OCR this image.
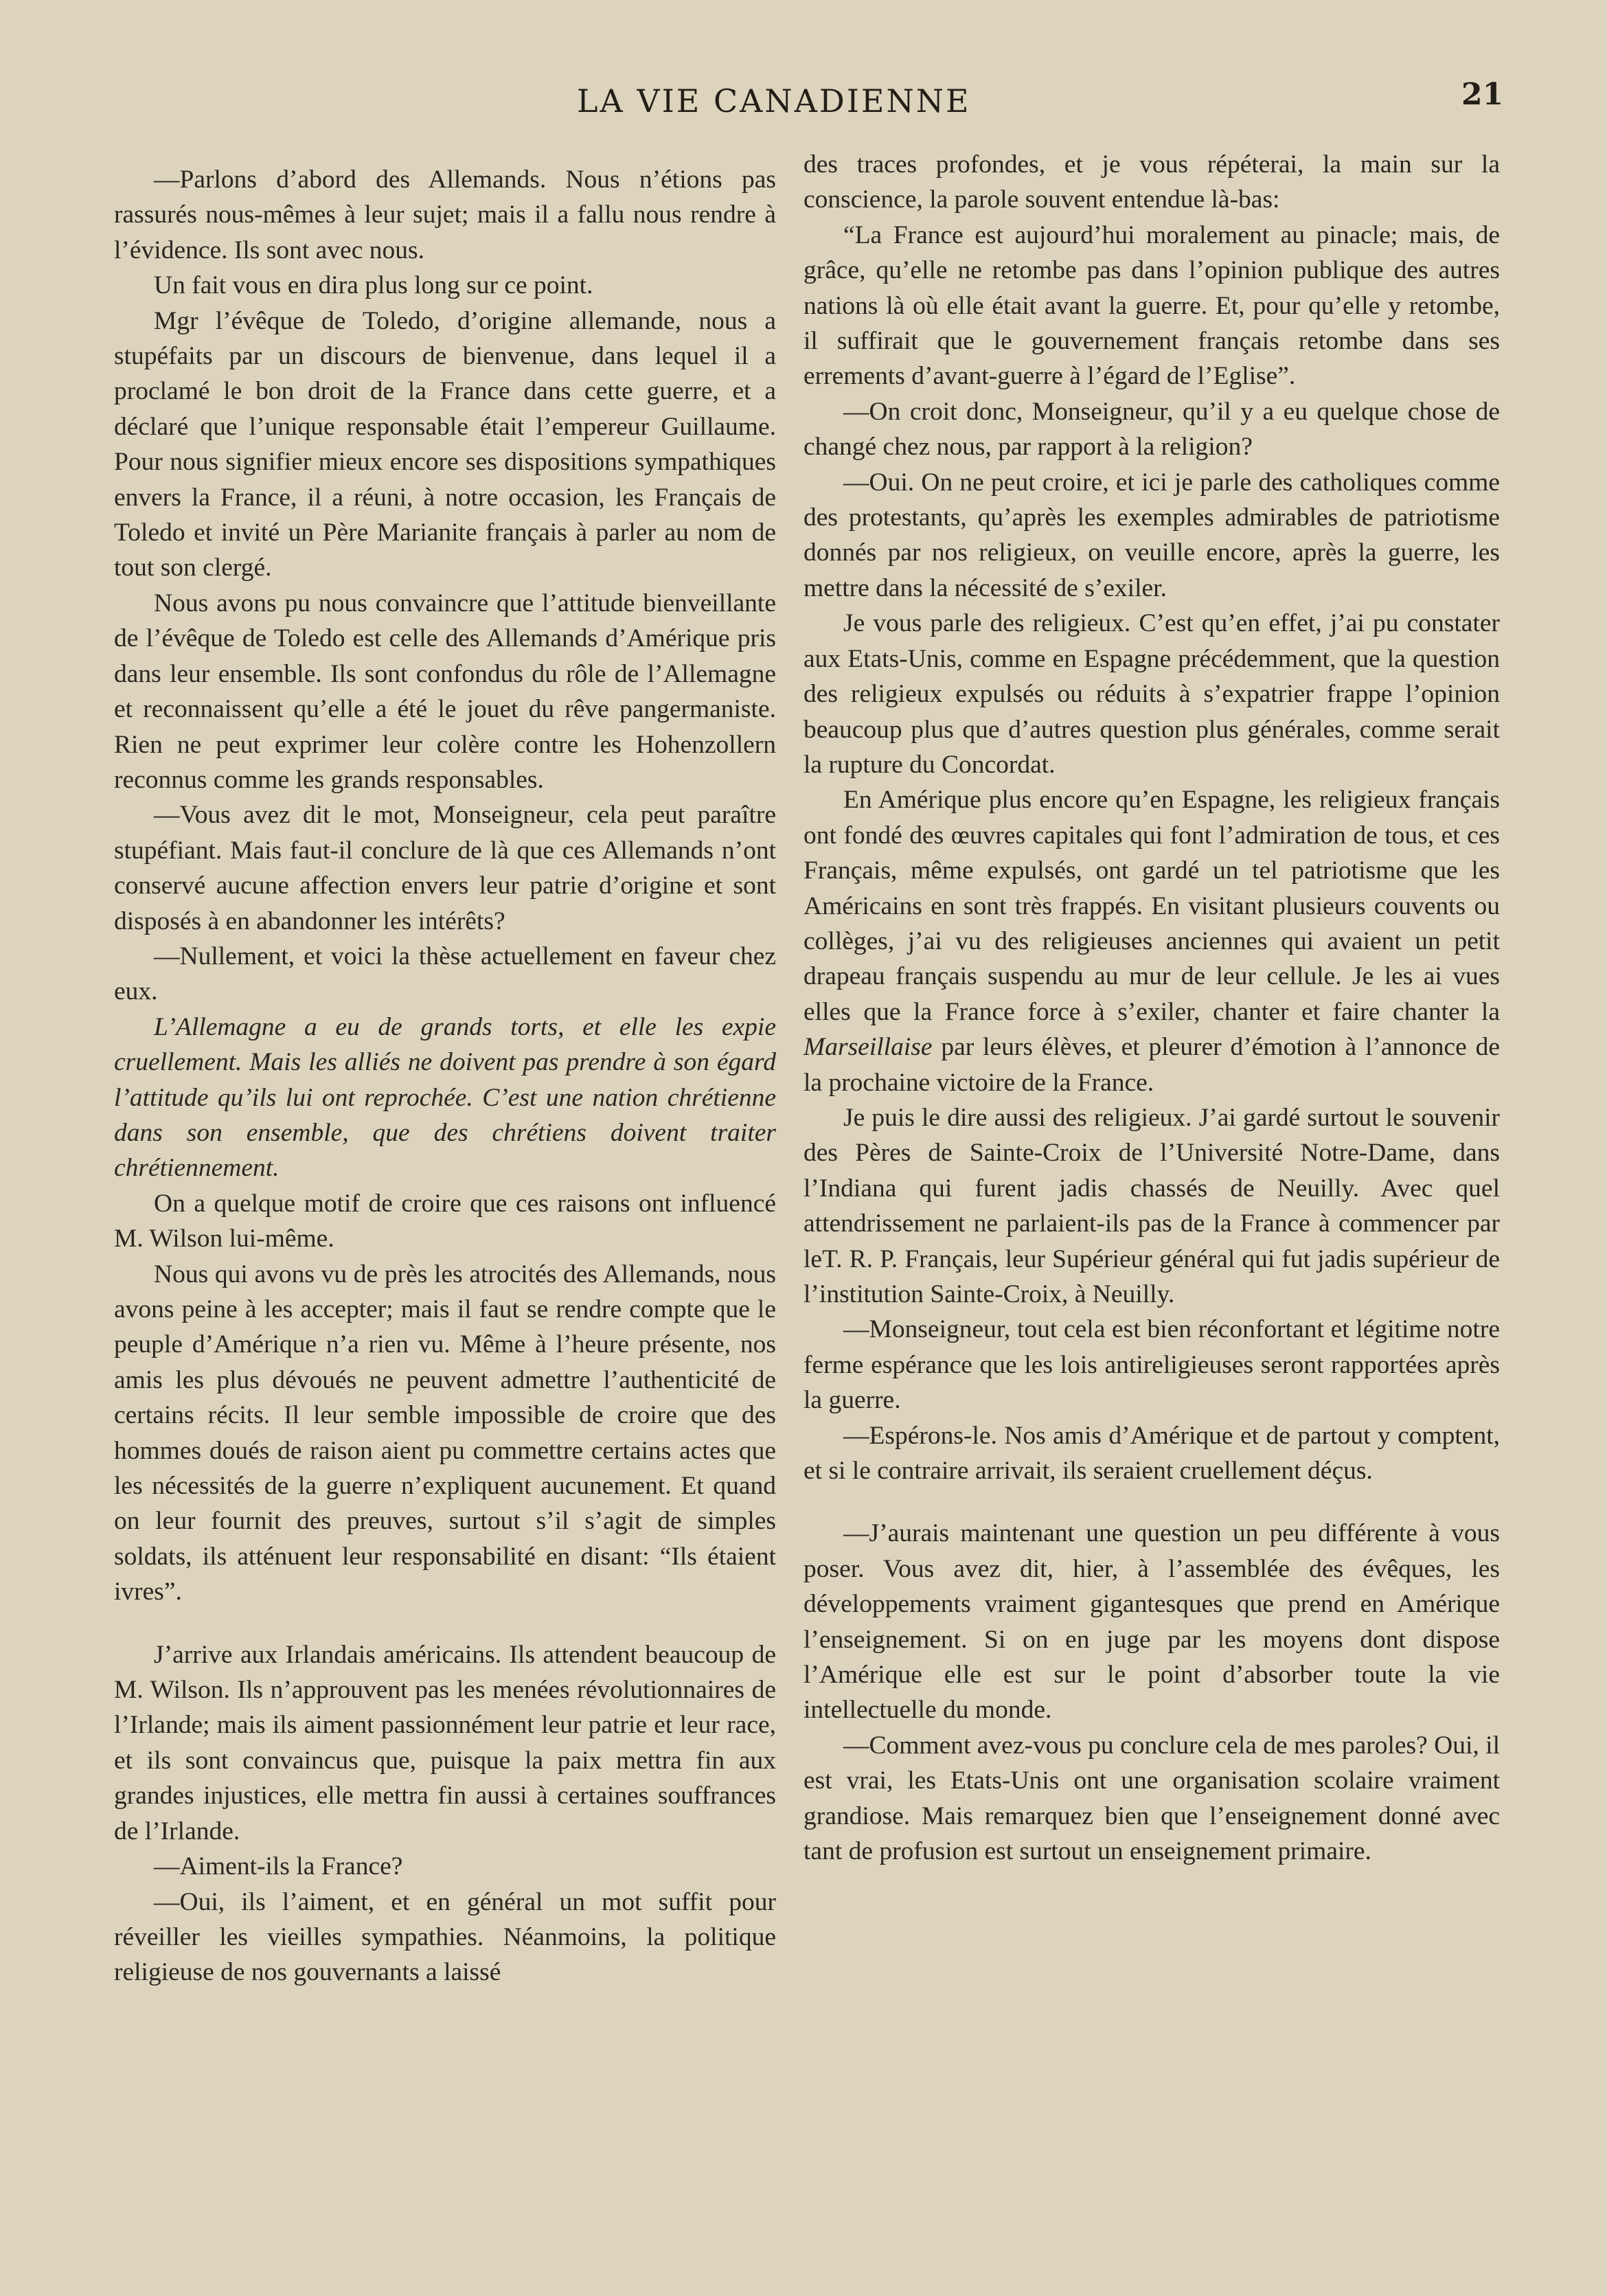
LA VIE CANADIENNE	21

—Parlons d’abord des Allemands. Nous n’étions pas rassurés nous-mêmes à leur sujet; mais il a fallu nous rendre à l’évidence. Ils sont avec nous.

Un fait vous en dira plus long sur ce point.

Mgr l’évêque de Toledo, d’origine allemande, nous a stupéfaits par un discours de bienvenue, dans lequel il a proclamé le bon droit de la France dans cette guerre, et a déclaré que l’unique responsable était l’empereur Guillaume. Pour nous signifier mieux encore ses dispositions sympathiques envers la France, il a réuni, à notre occasion, les Français de Toledo et invité un Père Marianite français à parler au nom de tout son clergé.

Nous avons pu nous convaincre que l’attitude bienveillante de l’évêque de Toledo est celle des Allemands d’Amérique pris dans leur ensemble. Ils sont confondus du rôle de l’Allemagne et reconnaissent qu’elle a été le jouet du rêve pangermaniste. Rien ne peut exprimer leur colère contre les Hohenzollern reconnus comme les grands responsables.

—Vous avez dit le mot, Monseigneur, cela peut paraître stupéfiant. Mais faut-il conclure de là que ces Allemands n’ont conservé aucune affection envers leur patrie d’origine et sont disposés à en abandonner les intérêts?

—Nullement, et voici la thèse actuellement en faveur chez eux.

L’Allemagne a eu de grands torts, et elle les expie cruellement. Mais les alliés ne doivent pas prendre à son égard l’attitude qu’ils lui ont reprochée. C’est une nation chrétienne dans son ensemble, que des chrétiens doivent traiter chrétiennement.

On a quelque motif de croire que ces raisons ont influencé M. Wilson lui-même.

Nous qui avons vu de près les atrocités des Allemands, nous avons peine à les accepter; mais il faut se rendre compte que le peuple d’Amérique n’a rien vu. Même à l’heure présente, nos amis les plus dévoués ne peuvent admettre l’authenticité de certains récits. Il leur semble impossible de croire que des hommes doués de raison aient pu commettre certains actes que les nécessités de la guerre n’expliquent aucunement. Et quand on leur fournit des preuves, surtout s’il s’agit de simples soldats, ils atténuent leur responsabilité en disant: “Ils étaient ivres”.

J’arrive aux Irlandais américains. Ils attendent beaucoup de M. Wilson. Ils n’approuvent pas les menées révolutionnaires de l’Irlande; mais ils aiment passionnément leur patrie et leur race, et ils sont convaincus que, puisque la paix mettra fin aux grandes injustices, elle mettra fin aussi à certaines souffrances de l’Irlande.

—Aiment-ils la France?

—Oui, ils l’aiment, et en général un mot suffit pour réveiller les vieilles sympathies. Néanmoins, la politique religieuse de nos gouvernants a laissé

des traces profondes, et je vous répéterai, la main sur la conscience, la parole souvent entendue là-bas:

“La France est aujourd’hui moralement au pinacle; mais, de grâce, qu’elle ne retombe pas dans l’opinion publique des autres nations là où elle était avant la guerre. Et, pour qu’elle y retombe, il suffirait que le gouvernement français retombe dans ses errements d’avant-guerre à l’égard de l’Eglise”.

—On croit donc, Monseigneur, qu’il y a eu quelque chose de changé chez nous, par rapport à la religion?

—Oui. On ne peut croire, et ici je parle des catholiques comme des protestants, qu’après les exemples admirables de patriotisme donnés par nos religieux, on veuille encore, après la guerre, les mettre dans la nécessité de s’exiler.

Je vous parle des religieux. C’est qu’en effet, j’ai pu constater aux Etats-Unis, comme en Espagne précédemment, que la question des religieux expulsés ou réduits à s’expatrier frappe l’opinion beaucoup plus que d’autres question plus générales, comme serait la rupture du Concordat.

En Amérique plus encore qu’en Espagne, les religieux français ont fondé des œuvres capitales qui font l’admiration de tous, et ces Français, même expulsés, ont gardé un tel patriotisme que les Américains en sont très frappés. En visitant plusieurs couvents ou collèges, j’ai vu des religieuses anciennes qui avaient un petit drapeau français suspendu au mur de leur cellule. Je les ai vues elles que la France force à s’exiler, chanter et faire chanter la Marseillaise par leurs élèves, et pleurer d’émotion à l’annonce de la prochaine victoire de la France.

Je puis le dire aussi des religieux. J’ai gardé surtout le souvenir des Pères de Sainte-Croix de l’Université Notre-Dame, dans l’Indiana qui furent jadis chassés de Neuilly. Avec quel attendrissement ne parlaient-ils pas de la France à commencer par leT. R. P. Français, leur Supérieur général qui fut jadis supérieur de l’institution Sainte-Croix, à Neuilly.

—Monseigneur, tout cela est bien réconfortant et légitime notre ferme espérance que les lois antireligieuses seront rapportées après la guerre.

—Espérons-le. Nos amis d’Amérique et de partout y comptent, et si le contraire arrivait, ils seraient cruellement déçus.

—J’aurais maintenant une question un peu différente à vous poser. Vous avez dit, hier, à l’assemblée des évêques, les développements vraiment gigantesques que prend en Amérique l’enseignement. Si on en juge par les moyens dont dispose l’Amérique elle est sur le point d’absorber toute la vie intellectuelle du monde.

—Comment avez-vous pu conclure cela de mes paroles? Oui, il est vrai, les Etats-Unis ont une organisation scolaire vraiment grandiose. Mais remarquez bien que l’enseignement donné avec tant de profusion est surtout un enseignement primaire.
